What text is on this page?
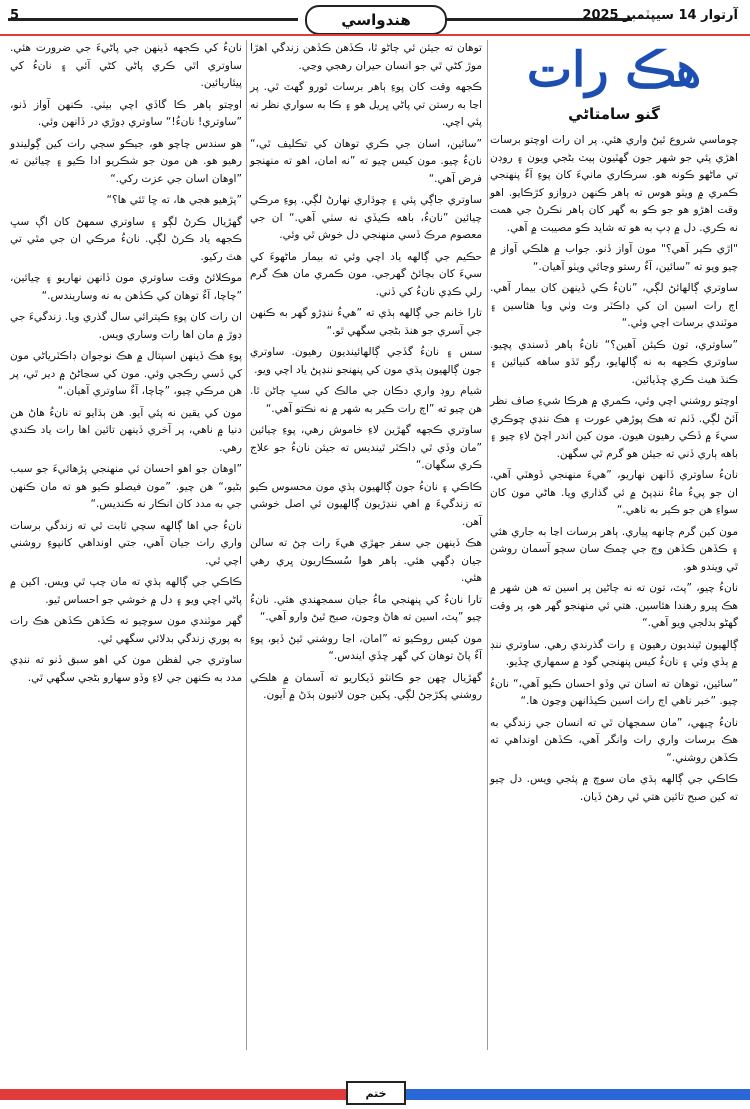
5	هندواسي	آرتوار 14 سيپٽمبر 2025
هڪ رات
گنو سامتاڻي

چوماسي شروع ٿيڻ واري هئي. پر ان رات اوچتو برسات اهڙي پئي جو شهر جون گهٽيون ٻيٽ بڻجي ويون ۽ روڊن تي ماڻهو ڪونه هو. سرڪاري مانيءَ کان پوءِ آءٌ پنهنجي ڪمري ۾ ويٺو هوس ته ٻاهر ڪنهن دروازو کڙڪايو. اهو وقت اهڙو هو جو ڪو به گهر کان ٻاهر نڪرڻ جي همت نه ڪري. دل ۾ ڊپ به هو ته شايد ڪو مصيبت ۾ آهي.

"اڙي ڪير آهي؟" مون آواز ڏنو. جواب ۾ هلڪي آواز ۾ چيو ويو ته ”سائين، آءٌ رستو وڃائي ويٺو آهيان.“

ساوتري ڳالهائڻ لڳي، ”نانءُ ڪي ڏينهن کان بيمار آهي. اڄ رات اسين ان کي ڊاڪٽر وٽ وٺي ويا هئاسين ۽ موٽندي برسات اچي وئي.“

”ساوتري، تون ڪيئن آهين؟“ نانءُ ٻاهر ڏسندي پڇيو. ساوتري ڪجهه به نه ڳالهايو، رڳو ٿڌو ساهه کنيائين ۽ ڪنڌ هيٺ ڪري ڇڏيائين.

اوچتو روشني اچي وئي، ڪمري ۾ هرڪا شيءِ صاف نظر آئڻ لڳي. ڏٺم ته هڪ پوڙهي عورت ۽ هڪ ننڍي ڇوڪري سيءَ ۾ ڏڪي رهيون هيون. مون کين اندر اچڻ لاءِ چيو ۽ باهه ٻاري ڏني ته جيئن هو گرم ٿي سگهن.

نانءُ ساوتري ڏانهن نهاريو، ”هيءَ منهنجي ڏوهٽي آهي. ان جو پيءُ ماءُ ننڍپڻ ۾ ئي گذاري ويا. هاڻي مون کان سواءِ هن جو ڪير به ناهي.“

مون کين گرم چانهه پياري. ٻاهر برسات اڃا به جاري هئي ۽ ڪڏهن ڪڏهن وڄ جي چمڪ سان سڄو آسمان روشن ٿي ويندو هو.

نانءُ چيو، ”پٽ، تون ته نه ڄاڻين پر اسين ته هن شهر ۾ هڪ ڀيرو رهندا هئاسين. هتي ئي منهنجو گهر هو، پر وقت گهڻو بدلجي ويو آهي.“

ڳالهيون ٿينديون رهيون ۽ رات گذرندي رهي. ساوتري ننڊ ۾ ٻڏي وئي ۽ نانءُ کيس پنهنجي گود ۾ سمهاري ڇڏيو.

”سائين، توهان ته اسان تي وڏو احسان ڪيو آهي،“ نانءُ چيو. ”خبر ناهي اڄ رات اسين ڪيڏانهن وڃون ها.“

نانءُ ڇيهي، ”مان سمجهان ٿي ته انسان جي زندگي به هڪ برسات واري رات وانگر آهي، ڪڏهن اونداهي ته ڪڏهن روشني.“

ڪاڪي جي ڳالهه ٻڌي مان سوچ ۾ پئجي ويس. دل چيو ته کين صبح تائين هتي ئي رهڻ ڏيان.

توهان ته جيئن ئي ڄاڻو ٿا، ڪڏهن ڪڏهن زندگي اهڙا موڙ کڻي ٿي جو انسان حيران رهجي وڃي.

ڪجهه وقت کان پوءِ ٻاهر برسات ٿورو گهٽ ٿي. پر اڃا به رستن تي پاڻي ڀريل هو ۽ ڪا به سواري نظر نه پئي اچي.

”سائين، اسان جي ڪري توهان کي تڪليف ٿي،“ نانءُ چيو. مون کيس چيو ته ”نه امان، اهو ته منهنجو فرض آهي.“

ساوتري جاڳي پئي ۽ چوڌاري نهارڻ لڳي. پوءِ مرڪي چيائين ”نانءُ، باهه ڪيڏي نه سٺي آهي.“ ان جي معصوم مرڪ ڏسي منهنجي دل خوش ٿي وئي.

حڪيم جي ڳالهه ياد اچي وئي ته بيمار ماڻهوءَ کي سيءَ کان بچائڻ گهرجي. مون ڪمري مان هڪ گرم رلي ڪڍي نانءُ کي ڏني.

تارا خانم جي ڳالهه ٻڌي ته ”هيءُ ننڍڙو گهر به ڪنهن جي آسري جو هنڌ بڻجي سگهي ٿو.“

سس ۽ نانءُ گڏجي ڳالهائينديون رهيون. ساوتري جون ڳالهيون ٻڌي مون کي پنهنجو ننڍپڻ ياد اچي ويو.

شيام روڊ واري دڪان جي مالڪ کي سڀ ڄاڻن ٿا. هن چيو ته ”اڄ رات ڪير به شهر ۾ نه نڪتو آهي.“

ساوتري ڪجهه گهڙين لاءِ خاموش رهي، پوءِ چيائين ”مان وڏي ٿي ڊاڪٽر ٿينديس ته جيئن نانءُ جو علاج ڪري سگهان.“

ڪاڪي ۽ نانءُ جون ڳالهيون ٻڌي مون محسوس ڪيو ته زندگيءَ ۾ اهي ننڍڙيون ڳالهيون ئي اصل خوشي آهن.

هڪ ڏينهن جي سفر جهڙي هيءَ رات ڄڻ ته سالن جيان ڊگهي هئي. ٻاهر هوا سُسڪاريون ڀري رهي هئي.

تارا نانءُ کي پنهنجي ماءُ جيان سمجهندي هئي. نانءُ چيو ”پٽ، اسين ته هاڻ وڃون، صبح ٿيڻ وارو آهي.“

مون کيس روڪيو ته ”امان، اڃا روشني ٿيڻ ڏيو، پوءِ آءٌ پاڻ توهان کي گهر ڇڏي ايندس.“

گهڙيال ڇهن جو ڪانٽو ڏيکاريو ته آسمان ۾ هلڪي روشني پکڙجڻ لڳي. پکين جون لاتيون ٻڌڻ ۾ آيون.

نانءُ کي ڪجهه ڏينهن جي پاڻيءَ جي ضرورت هئي. ساوتري اٿي ڪري پاڻي کڻي آئي ۽ نانءُ کي پيئاريائين.

اوچتو ٻاهر ڪا گاڏي اچي بيٺي. ڪنهن آواز ڏنو، ”ساوتري! نانءُ!“ ساوتري ڊوڙي در ڏانهن وئي.

هو سندس چاچو هو، جيڪو سڄي رات کين ڳوليندو رهيو هو. هن مون جو شڪريو ادا ڪيو ۽ چيائين ته ”اوهان اسان جي عزت رکي.“

”پڙهيو هجي ها، ته ڇا ٿئي ها؟“

گهڙيال ڪرڻ لڳو ۽ ساوتري سمهڻ کان اڳ سڀ ڪجهه ياد ڪرڻ لڳي. نانءُ مرڪي ان جي مٿي تي هٿ رکيو.

موڪلائڻ وقت ساوتري مون ڏانهن نهاريو ۽ چيائين، ”چاچا، آءٌ توهان کي ڪڏهن به نه وساريندس.“

ان رات کان پوءِ ڪيترائي سال گذري ويا. زندگيءَ جي ڊوڙ ۾ مان اها رات وساري ويس.

پوءِ هڪ ڏينهن اسپتال ۾ هڪ نوجوان ڊاڪٽرياڻي مون کي ڏسي رڪجي وئي. مون کي سڃاڻڻ ۾ دير ٿي، پر هن مرڪي چيو، ”چاچا، آءٌ ساوتري آهيان.“

مون کي يقين نه پئي آيو. هن ٻڌايو ته نانءُ هاڻ هن دنيا ۾ ناهي، پر آخري ڏينهن تائين اها رات ياد ڪندي رهي.

”اوهان جو اهو احسان ئي منهنجي پڙهائيءَ جو سبب بڻيو،“ هن چيو. ”مون فيصلو ڪيو هو ته مان ڪنهن جي به مدد کان انڪار نه ڪنديس.“

نانءُ جي اها ڳالهه سچي ثابت ٿي ته زندگي برسات واري رات جيان آهي، جتي اونداهي کانپوءِ روشني اچي ٿي.

ڪاڪي جي ڳالهه ٻڌي ته مان چپ ٿي ويس. اکين ۾ پاڻي اچي ويو ۽ دل ۾ خوشي جو احساس ٿيو.

گهر موٽندي مون سوچيو ته ڪڏهن ڪڏهن هڪ رات به پوري زندگي بدلائي سگهي ٿي.

ساوتري جي لفظن مون کي اهو سبق ڏنو ته ننڍي مدد به ڪنهن جي لاءِ وڏو سهارو بڻجي سگهي ٿي.

ختم
